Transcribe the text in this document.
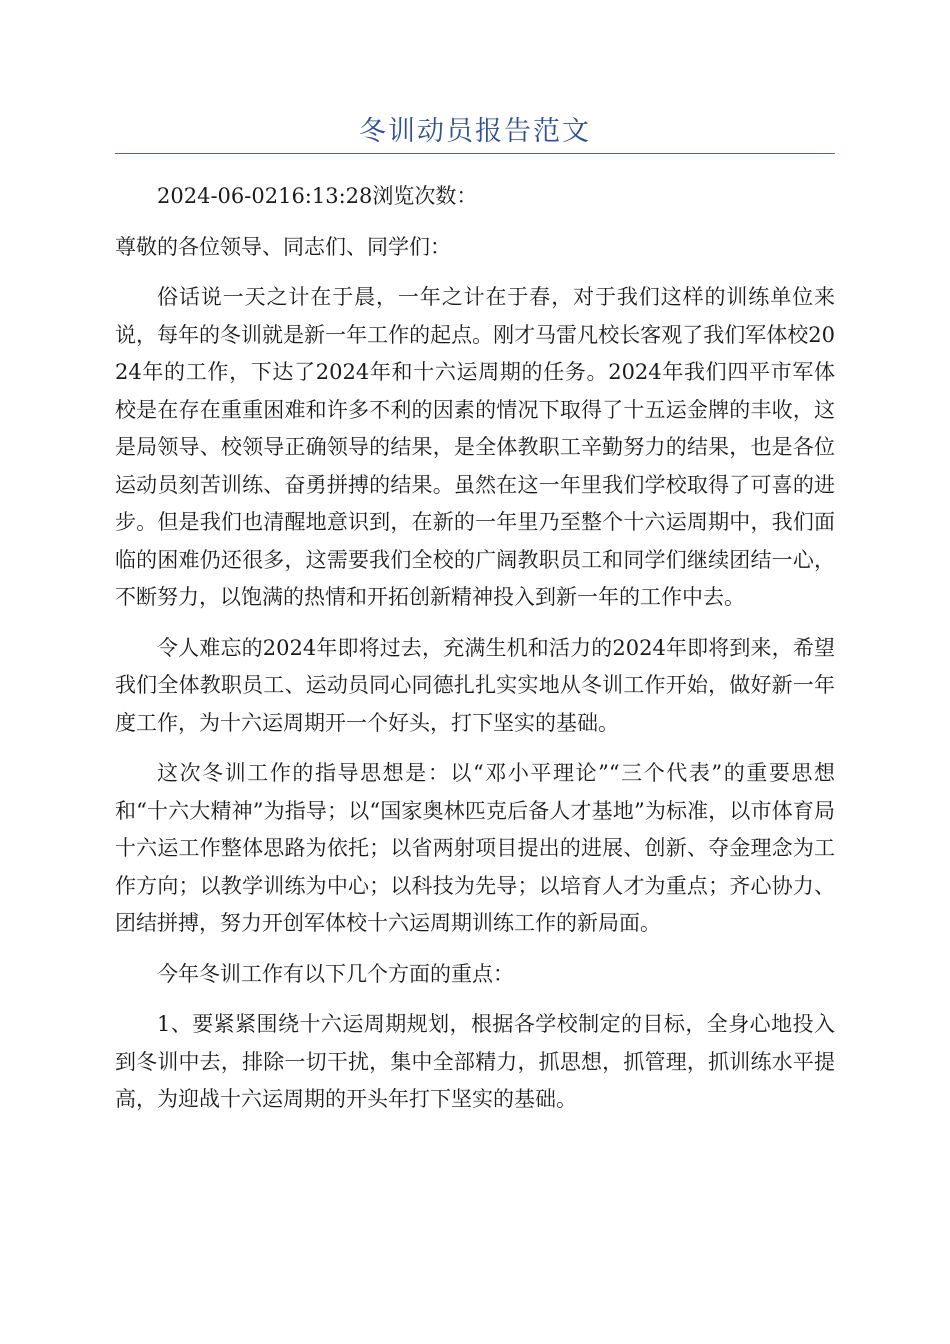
冬训动员报告范文

2024-06-0216:13:28浏览次数：

尊敬的各位领导、同志们、同学们：

俗话说一天之计在于晨，一年之计在于春，对于我们这样的训练单位来说，每年的冬训就是新一年工作的起点。刚才马雷凡校长客观了我们军体校2024年的工作，下达了2024年和十六运周期的任务。2024年我们四平市军体校是在存在重重困难和许多不利的因素的情况下取得了十五运金牌的丰收，这是局领导、校领导正确领导的结果，是全体教职工辛勤努力的结果，也是各位运动员刻苦训练、奋勇拼搏的结果。虽然在这一年里我们学校取得了可喜的进步。但是我们也清醒地意识到，在新的一年里乃至整个十六运周期中，我们面临的困难仍还很多，这需要我们全校的广阔教职员工和同学们继续团结一心，不断努力，以饱满的热情和开拓创新精神投入到新一年的工作中去。

令人难忘的2024年即将过去，充满生机和活力的2024年即将到来，希望我们全体教职员工、运动员同心同德扎扎实实地从冬训工作开始，做好新一年度工作，为十六运周期开一个好头，打下坚实的基础。

这次冬训工作的指导思想是：以“邓小平理论”“三个代表”的重要思想和“十六大精神”为指导；以“国家奥林匹克后备人才基地”为标准，以市体育局十六运工作整体思路为依托；以省两射项目提出的进展、创新、夺金理念为工作方向；以教学训练为中心；以科技为先导；以培育人才为重点；齐心协力、团结拼搏，努力开创军体校十六运周期训练工作的新局面。

今年冬训工作有以下几个方面的重点：

1、要紧紧围绕十六运周期规划，根据各学校制定的目标，全身心地投入到冬训中去，排除一切干扰，集中全部精力，抓思想，抓管理，抓训练水平提高，为迎战十六运周期的开头年打下坚实的基础。
